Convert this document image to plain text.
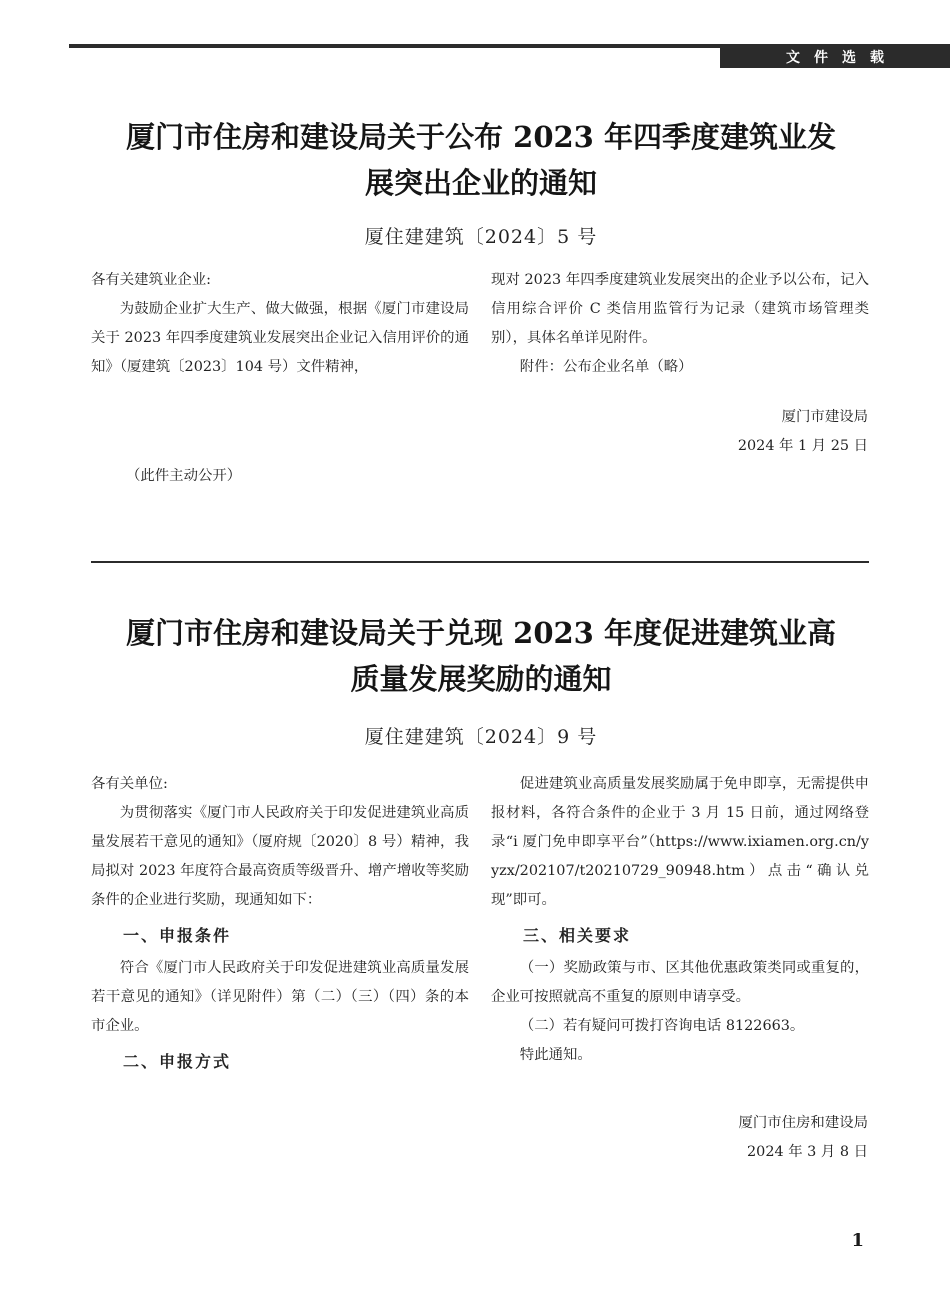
文件选载
厦门市住房和建设局关于公布 2023 年四季度建筑业发
展突出企业的通知
厦住建建筑〔2024〕5 号

各有关建筑业企业:

为鼓励企业扩大生产、做大做强，根据《厦门市建设局关于 2023 年四季度建筑业发展突出企业记入信用评价的通知》（厦建筑〔2023〕104 号）文件精神，

现对 2023 年四季度建筑业发展突出的企业予以公布，记入信用综合评价 C 类信用监管行为记录（建筑市场管理类别），具体名单详见附件。

附件：公布企业名单（略）

厦门市建设局
2024 年 1 月 25 日
（此件主动公开）
厦门市住房和建设局关于兑现 2023 年度促进建筑业高
质量发展奖励的通知
厦住建建筑〔2024〕9 号

各有关单位:

为贯彻落实《厦门市人民政府关于印发促进建筑业高质量发展若干意见的通知》（厦府规〔2020〕8 号）精神，我局拟对 2023 年度符合最高资质等级晋升、增产增收等奖励条件的企业进行奖励，现通知如下：

一、申报条件

符合《厦门市人民政府关于印发促进建筑业高质量发展若干意见的通知》（详见附件）第（二）（三）（四）条的本市企业。

二、申报方式

促进建筑业高质量发展奖励属于免申即享，无需提供申报材料，各符合条件的企业于 3 月 15 日前，通过网络登录“i 厦门免申即享平台”（https://www.ixiamen.org.cn/yyzx/202107/t20210729_90948.htm）点击“确认兑现”即可。

三、相关要求

（一）奖励政策与市、区其他优惠政策类同或重复的，企业可按照就高不重复的原则申请享受。

（二）若有疑问可拨打咨询电话 8122663。

特此通知。

厦门市住房和建设局
2024 年 3 月 8 日
1
